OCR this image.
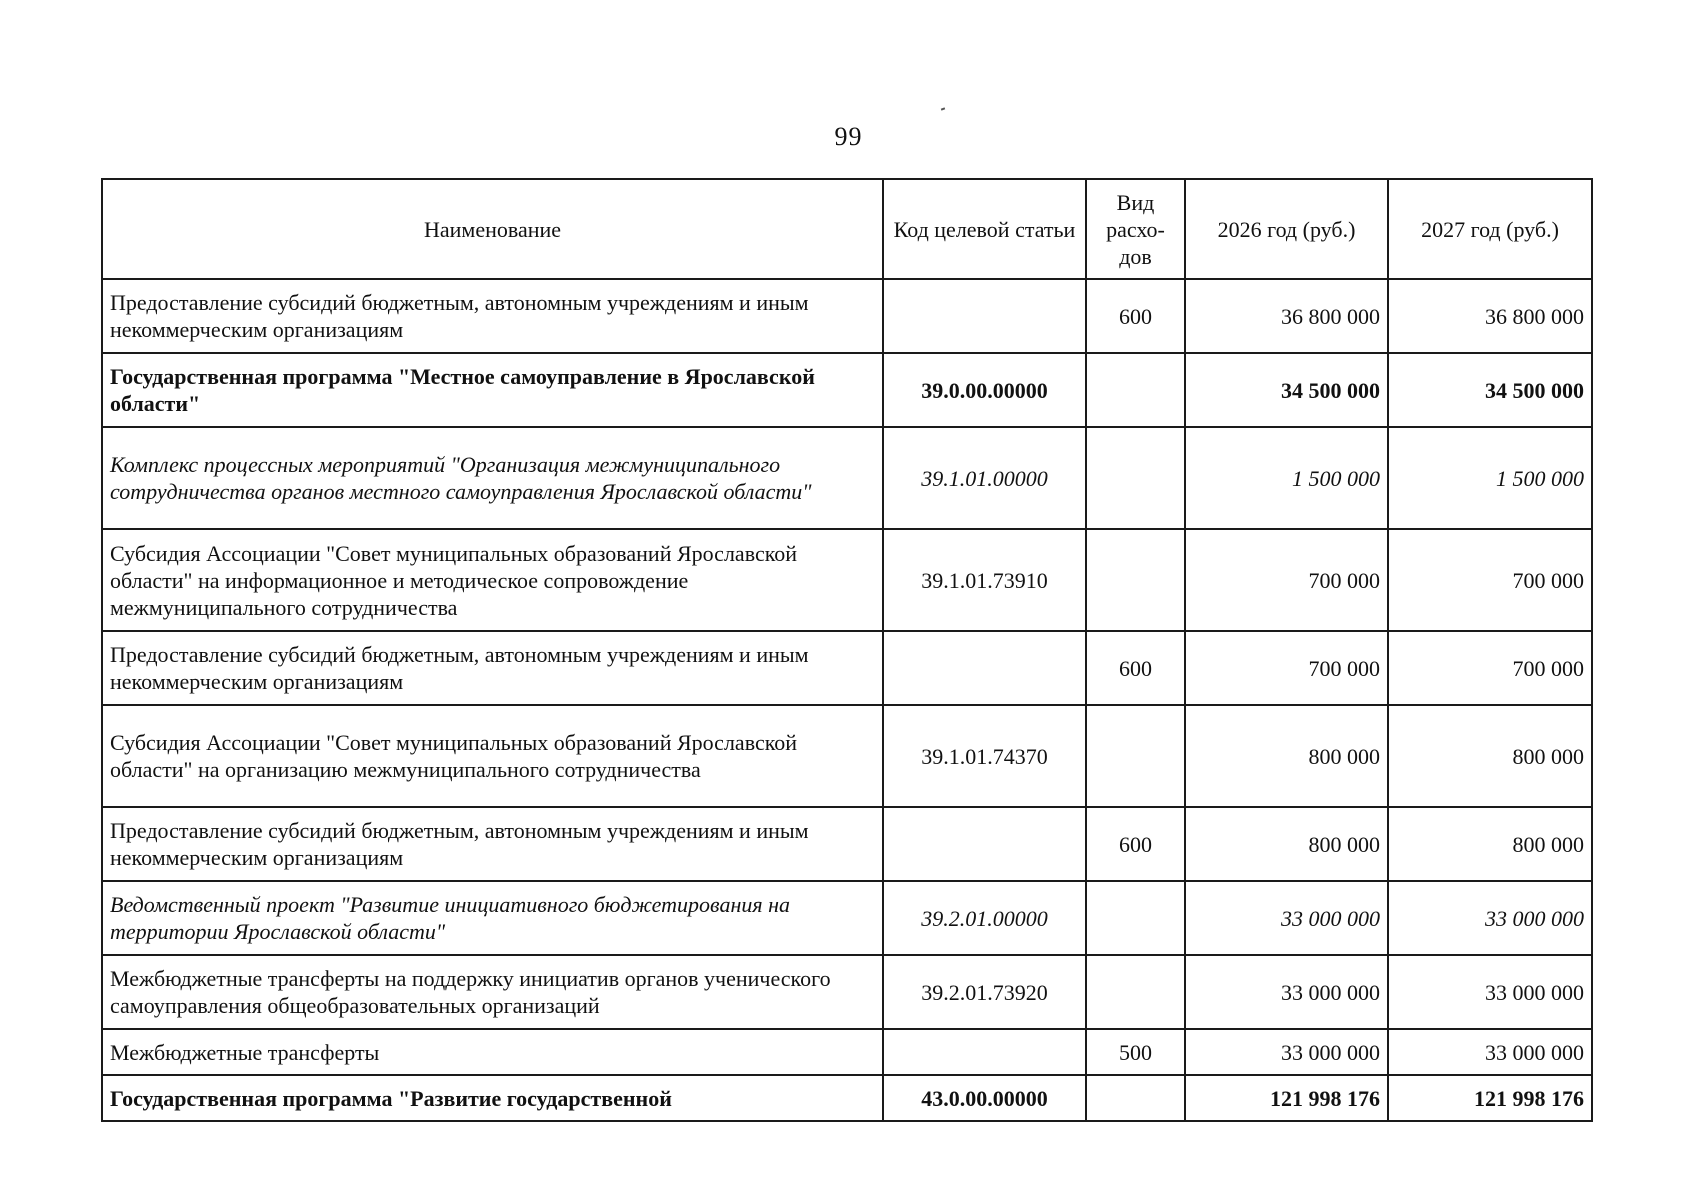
99
Наименование	Код целевой статьи	Вид расхо- дов	2026 год (руб.)	2027 год (руб.)
Предоставление субсидий бюджетным, автономным учреждениям и иным некоммерческим организациям		600	36 800 000	36 800 000
Государственная программа "Местное самоуправление в Ярославской области"	39.0.00.00000		34 500 000	34 500 000
Комплекс процессных мероприятий "Организация межмуниципального сотрудничества органов местного самоуправления Ярославской области"	39.1.01.00000		1 500 000	1 500 000
Субсидия Ассоциации "Совет муниципальных образований Ярославской области" на информационное и методическое сопровождение межмуниципального сотрудничества	39.1.01.73910		700 000	700 000
Предоставление субсидий бюджетным, автономным учреждениям и иным некоммерческим организациям		600	700 000	700 000
Субсидия Ассоциации "Совет муниципальных образований Ярославской области" на организацию межмуниципального сотрудничества	39.1.01.74370		800 000	800 000
Предоставление субсидий бюджетным, автономным учреждениям и иным некоммерческим организациям		600	800 000	800 000
Ведомственный проект "Развитие инициативного бюджетирования на территории Ярославской области"	39.2.01.00000		33 000 000	33 000 000
Межбюджетные трансферты на поддержку инициатив органов ученического самоуправления общеобразовательных организаций	39.2.01.73920		33 000 000	33 000 000
Межбюджетные трансферты		500	33 000 000	33 000 000
Государственная программа "Развитие государственной	43.0.00.00000		121 998 176	121 998 176
